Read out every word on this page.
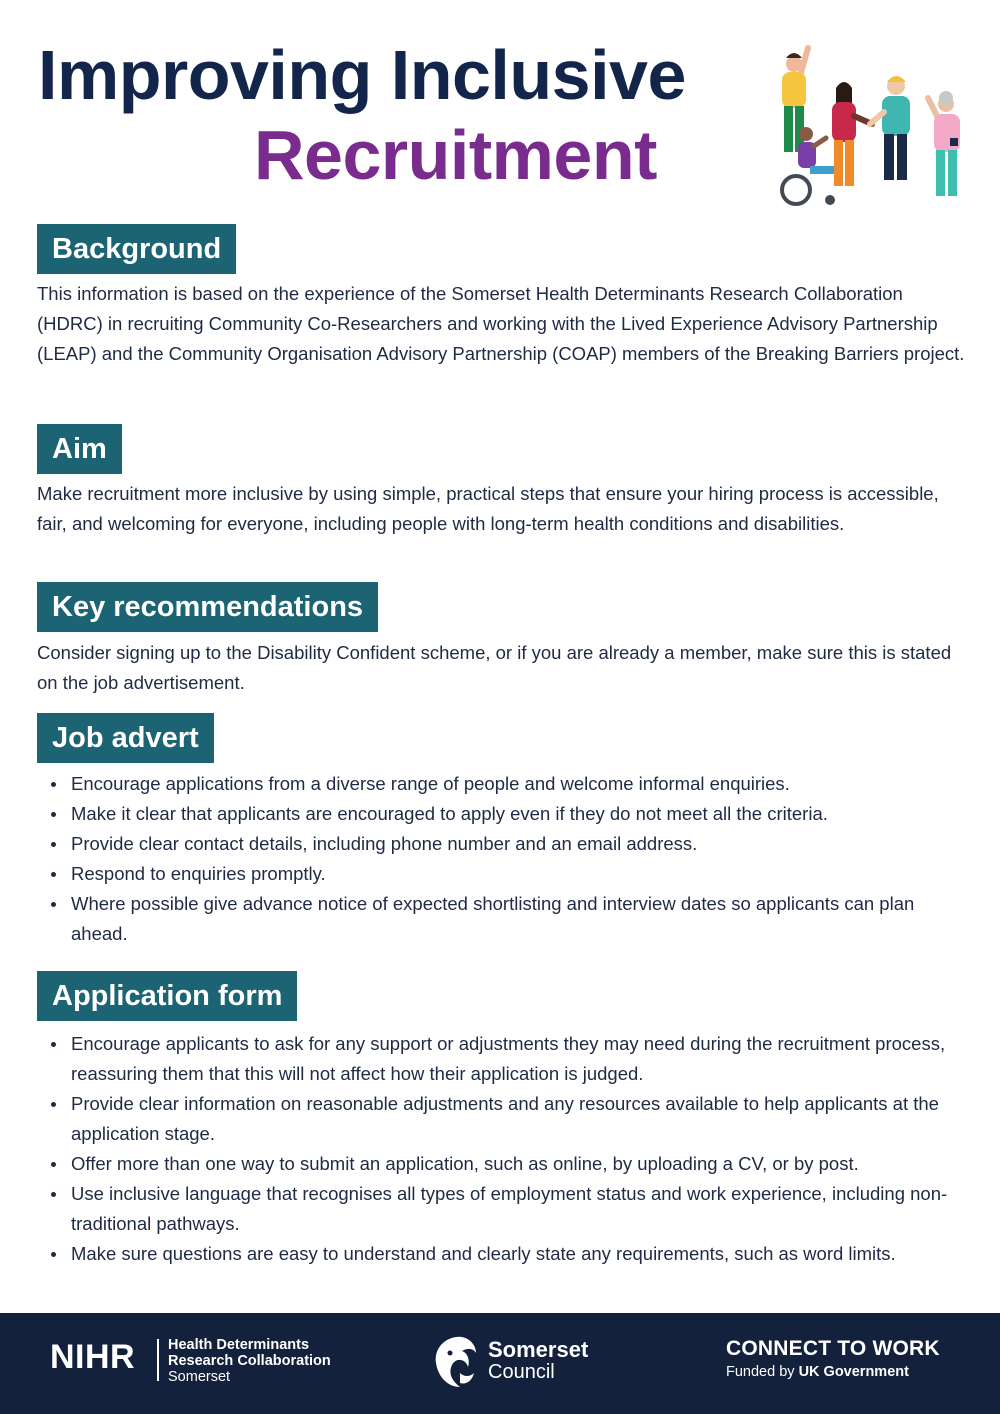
Improving Inclusive
Recruitment
Background
This information is based on the experience of the Somerset Health Determinants Research Collaboration (HDRC) in recruiting Community Co-Researchers and working with the Lived Experience Advisory Partnership (LEAP) and the Community Organisation Advisory Partnership (COAP) members of the Breaking Barriers project.
Aim
Make recruitment more inclusive by using simple, practical steps that ensure your hiring process is accessible, fair, and welcoming for everyone, including people with long-term health conditions and disabilities.
Key recommendations
Consider signing up to the Disability Confident scheme, or if you are already a member, make sure this is stated on the job advertisement.
Job advert
Encourage applications from a diverse range of people and welcome informal enquiries.
Make it clear that applicants are encouraged to apply even if they do not meet all the criteria.
Provide clear contact details, including phone number and an email address.
Respond to enquiries promptly.
Where possible give advance notice of expected shortlisting and interview dates so applicants can plan ahead.
Application form
Encourage applicants to ask for any support or adjustments they may need during the recruitment process, reassuring them that this will not affect how their application is judged.
Provide clear information on reasonable adjustments and any resources available to help applicants at the application stage.
Offer more than one way to submit an application, such as online, by uploading a CV, or by post.
Use inclusive language that recognises all types of employment status and work experience, including non-traditional pathways.
Make sure questions are easy to understand and clearly state any requirements, such as word limits.
NIHR Health Determinants
Research Collaboration
Somerset
Somerset
Council
CONNECT TO WORK
Funded by UK Government
